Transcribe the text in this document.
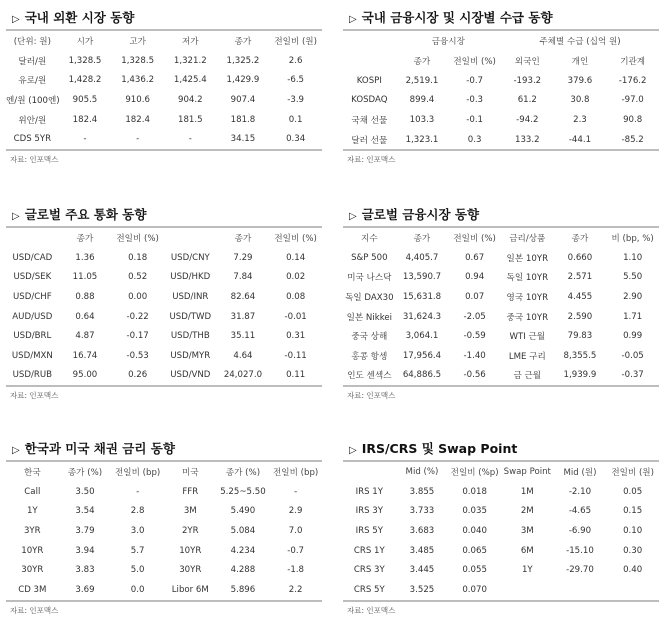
▷ 국내 외환 시장 동향
(단위: 원)	시가	고가	저가	종가	전일비 (원)
달러/원	1,328.5	1,328.5	1,321.2	1,325.2	2.6
유로/원	1,428.2	1,436.2	1,425.4	1,429.9	-6.5
엔/원 (100엔)	905.5	910.6	904.2	907.4	-3.9
위안/원	182.4	182.4	181.5	181.8	0.1
CDS 5YR	-	-	-	34.15	0.34
자료: 인포맥스
▷ 국내 금융시장 및 시장별 수급 동향
	금융시장		주체별 수급 (십억 원)		
	종가	전일비 (%)	외국인	개인	기관계
KOSPI	2,519.1	-0.7	-193.2	379.6	-176.2
KOSDAQ	899.4	-0.3	61.2	30.8	-97.0
국채 선물	103.3	-0.1	-94.2	2.3	90.8
달러 선물	1,323.1	0.3	133.2	-44.1	-85.2
자료: 인포맥스
▷ 글로벌 주요 통화 동향
	종가	전일비 (%)		종가	전일비 (%)
USD/CAD	1.36	0.18	USD/CNY	7.29	0.14
USD/SEK	11.05	0.52	USD/HKD	7.84	0.02
USD/CHF	0.88	0.00	USD/INR	82.64	0.08
AUD/USD	0.64	-0.22	USD/TWD	31.87	-0.01
USD/BRL	4.87	-0.17	USD/THB	35.11	0.31
USD/MXN	16.74	-0.53	USD/MYR	4.64	-0.11
USD/RUB	95.00	0.26	USD/VND	24,027.0	0.11
자료: 인포맥스
▷ 글로벌 금융시장 동향
지수	종가	전일비 (%)	금리/상품	종가	비 (bp, %)
S&P 500	4,405.7	0.67	일본 10YR	0.660	1.10
미국 나스닥	13,590.7	0.94	독일 10YR	2.571	5.50
독일 DAX30	15,631.8	0.07	영국 10YR	4.455	2.90
일본 Nikkei	31,624.3	-2.05	중국 10YR	2.590	1.71
중국 상해	3,064.1	-0.59	WTI 근월	79.83	0.99
홍콩 항셍	17,956.4	-1.40	LME 구리	8,355.5	-0.05
인도 센섹스	64,886.5	-0.56	금 근월	1,939.9	-0.37
자료: 인포맥스
▷ 한국과 미국 채권 금리 동향
한국	종가 (%)	전일비 (bp)	미국	종가 (%)	전일비 (bp)
Call	3.50	-	FFR	5.25~5.50	-
1Y	3.54	2.8	3M	5.490	2.9
3YR	3.79	3.0	2YR	5.084	7.0
10YR	3.94	5.7	10YR	4.234	-0.7
30YR	3.83	5.0	30YR	4.288	-1.8
CD 3M	3.69	0.0	Libor 6M	5.896	2.2
자료: 인포맥스
▷ IRS/CRS 및 Swap Point
	Mid (%)	전일비 (%p)	Swap Point	Mid (원)	전일비 (원)
IRS 1Y	3.855	0.018	1M	-2.10	0.05
IRS 3Y	3.733	0.035	2M	-4.65	0.15
IRS 5Y	3.683	0.040	3M	-6.90	0.10
CRS 1Y	3.485	0.065	6M	-15.10	0.30
CRS 3Y	3.445	0.055	1Y	-29.70	0.40
CRS 5Y	3.525	0.070			
자료: 인포맥스
